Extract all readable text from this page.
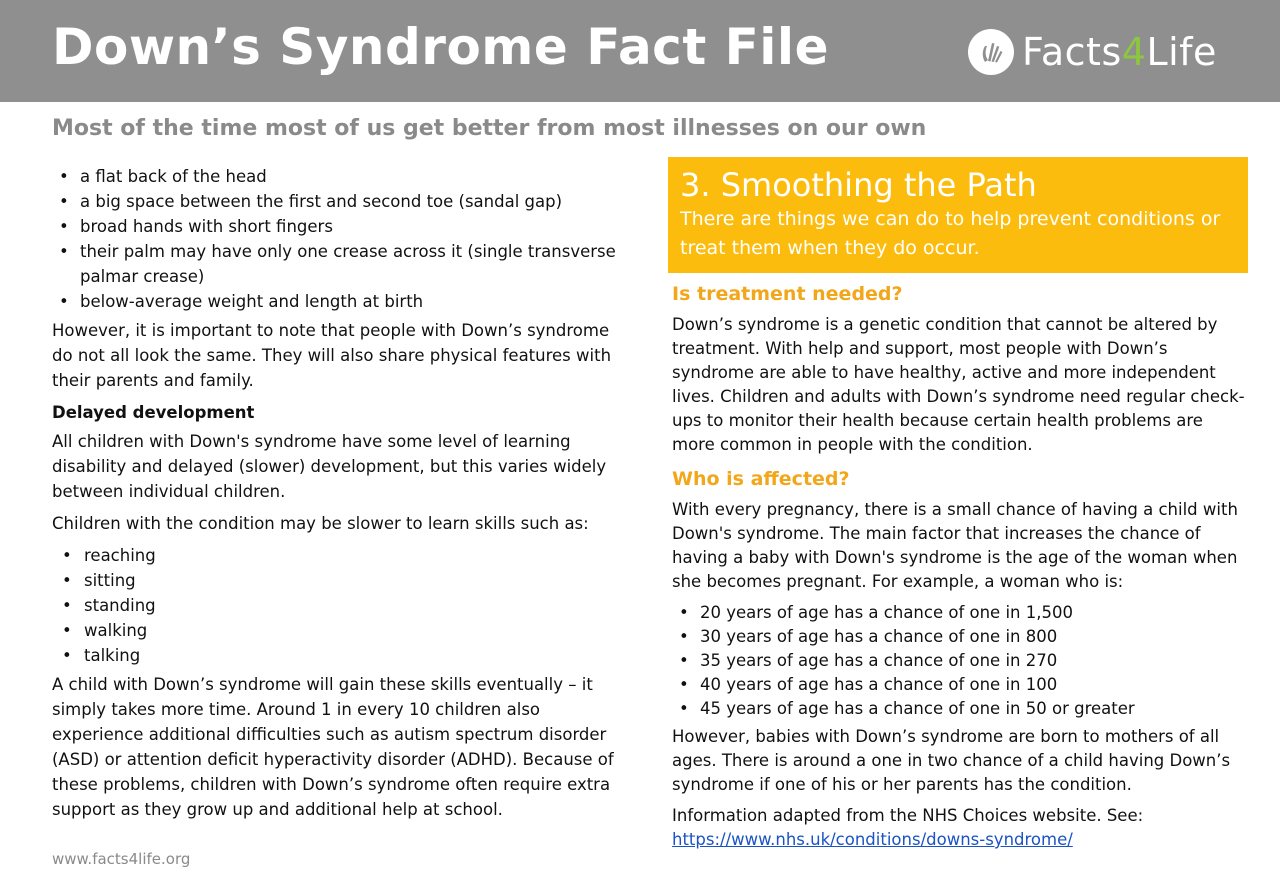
Down’s Syndrome Fact File	Facts4Life
Most of the time most of us get better from most illnesses on our own
• a flat back of the head
• a big space between the first and second toe (sandal gap)
• broad hands with short fingers
• their palm may have only one crease across it (single transverse palmar crease)
• below-average weight and length at birth

However, it is important to note that people with Down’s syndrome do not all look the same. They will also share physical features with their parents and family.

Delayed development

All children with Down's syndrome have some level of learning disability and delayed (slower) development, but this varies widely between individual children.

Children with the condition may be slower to learn skills such as:

• reaching
• sitting
• standing
• walking
• talking

A child with Down’s syndrome will gain these skills eventually – it simply takes more time. Around 1 in every 10 children also experience additional difficulties such as autism spectrum disorder (ASD) or attention deficit hyperactivity disorder (ADHD). Because of these problems, children with Down’s syndrome often require extra support as they grow up and additional help at school.

3. Smoothing the Path
There are things we can do to help prevent conditions or treat them when they do occur.
Is treatment needed?

Down’s syndrome is a genetic condition that cannot be altered by treatment. With help and support, most people with Down’s syndrome are able to have healthy, active and more independent lives. Children and adults with Down’s syndrome need regular check-ups to monitor their health because certain health problems are more common in people with the condition.

Who is affected?

With every pregnancy, there is a small chance of having a child with Down's syndrome. The main factor that increases the chance of having a baby with Down's syndrome is the age of the woman when she becomes pregnant. For example, a woman who is:

• 20 years of age has a chance of one in 1,500
• 30 years of age has a chance of one in 800
• 35 years of age has a chance of one in 270
• 40 years of age has a chance of one in 100
• 45 years of age has a chance of one in 50 or greater

However, babies with Down’s syndrome are born to mothers of all ages. There is around a one in two chance of a child having Down’s syndrome if one of his or her parents has the condition.

Information adapted from the NHS Choices website. See:
https://www.nhs.uk/conditions/downs-syndrome/

www.facts4life.org
